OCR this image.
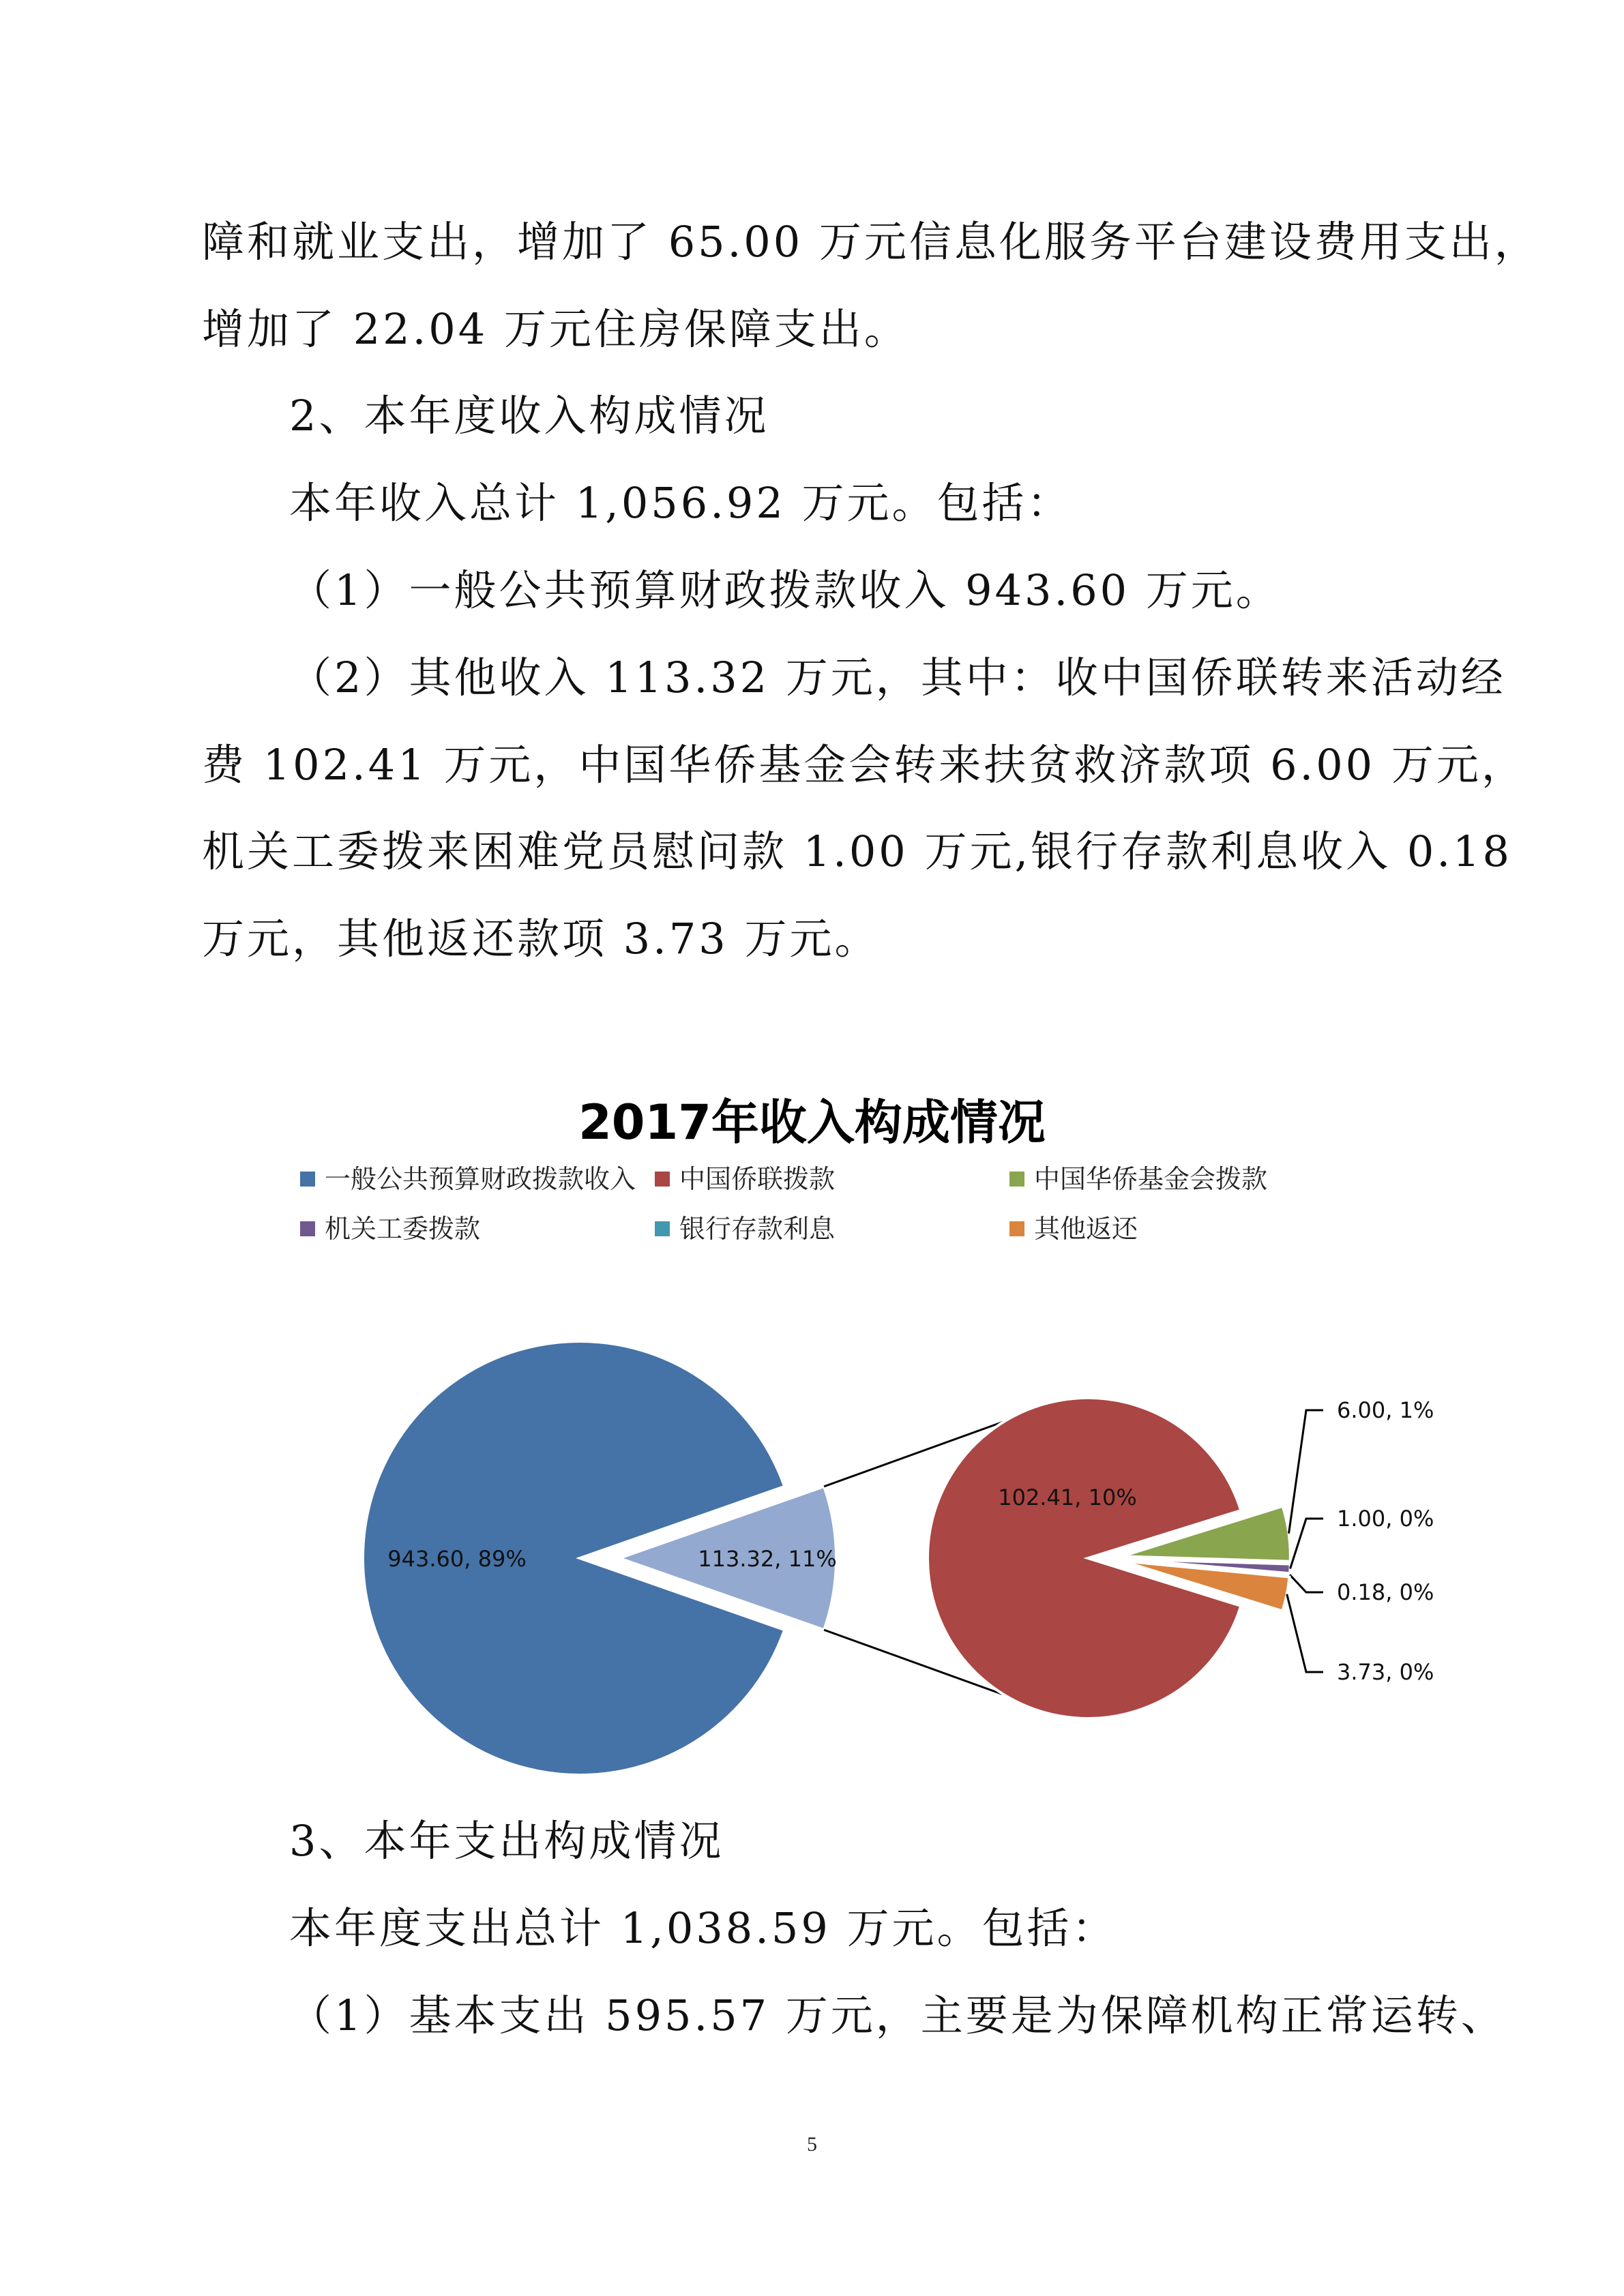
障和就业支出，增加了 65.00 万元信息化服务平台建设费用支出，
增加了 22.04 万元住房保障支出。
2、本年度收入构成情况
本年收入总计 1,056.92 万元。包括：
（1）一般公共预算财政拨款收入 943.60 万元。
（2）其他收入 113.32 万元，其中：收中国侨联转来活动经
费 102.41 万元，中国华侨基金会转来扶贫救济款项 6.00 万元，
机关工委拨来困难党员慰问款 1.00 万元,银行存款利息收入 0.18
万元，其他返还款项 3.73 万元。
2017年收入构成情况
一般公共预算财政拨款收入	中国侨联拨款	中国华侨基金会拨款
机关工委拨款	银行存款利息	其他返还
943.60, 89%	113.32, 11%
102.41, 10%
6.00, 1%
1.00, 0%
0.18, 0%
3.73, 0%
3、本年支出构成情况
本年度支出总计 1,038.59 万元。包括：
（1）基本支出 595.57 万元，主要是为保障机构正常运转、
5
